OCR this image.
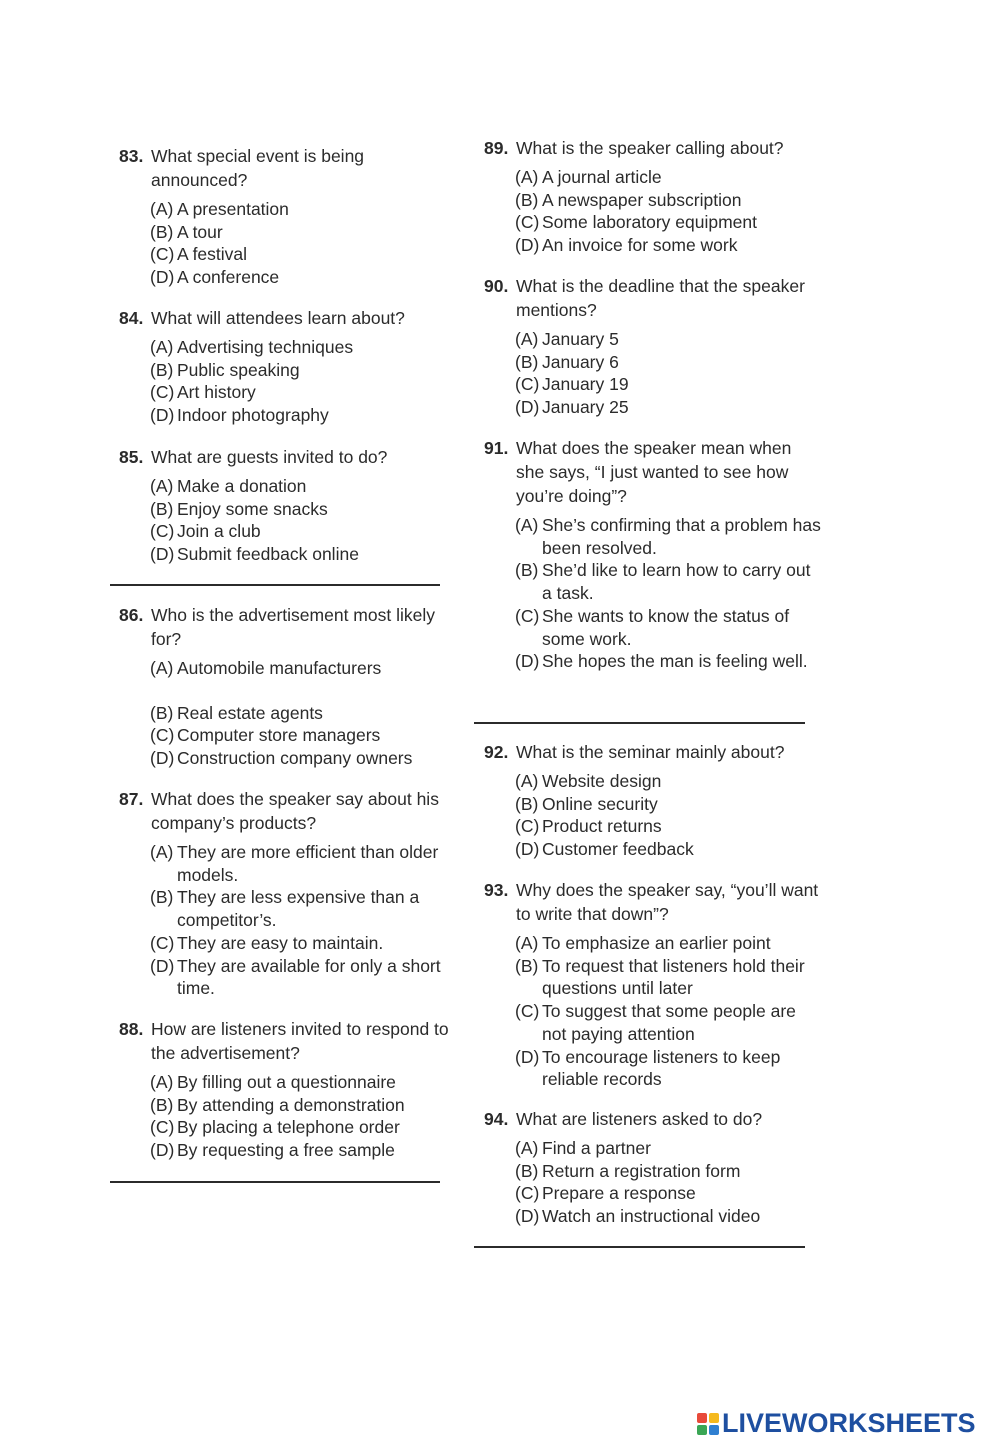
83. What special event is being announced?
(A) A presentation
(B) A tour
(C) A festival
(D) A conference
84. What will attendees learn about?
(A) Advertising techniques
(B) Public speaking
(C) Art history
(D) Indoor photography
85. What are guests invited to do?
(A) Make a donation
(B) Enjoy some snacks
(C) Join a club
(D) Submit feedback online
86. Who is the advertisement most likely for?
(A) Automobile manufacturers
(B) Real estate agents
(C) Computer store managers
(D) Construction company owners
87. What does the speaker say about his company’s products?
(A) They are more efficient than older models.
(B) They are less expensive than a competitor’s.
(C) They are easy to maintain.
(D) They are available for only a short time.
88. How are listeners invited to respond to the advertisement?
(A) By filling out a questionnaire
(B) By attending a demonstration
(C) By placing a telephone order
(D) By requesting a free sample
89. What is the speaker calling about?
(A) A journal article
(B) A newspaper subscription
(C) Some laboratory equipment
(D) An invoice for some work
90. What is the deadline that the speaker mentions?
(A) January 5
(B) January 6
(C) January 19
(D) January 25
91. What does the speaker mean when she says, “I just wanted to see how you’re doing”?
(A) She’s confirming that a problem has been resolved.
(B) She’d like to learn how to carry out a task.
(C) She wants to know the status of some work.
(D) She hopes the man is feeling well.
92. What is the seminar mainly about?
(A) Website design
(B) Online security
(C) Product returns
(D) Customer feedback
93. Why does the speaker say, “you’ll want to write that down”?
(A) To emphasize an earlier point
(B) To request that listeners hold their questions until later
(C) To suggest that some people are not paying attention
(D) To encourage listeners to keep reliable records
94. What are listeners asked to do?
(A) Find a partner
(B) Return a registration form
(C) Prepare a response
(D) Watch an instructional video
LIVEWORKSHEETS
